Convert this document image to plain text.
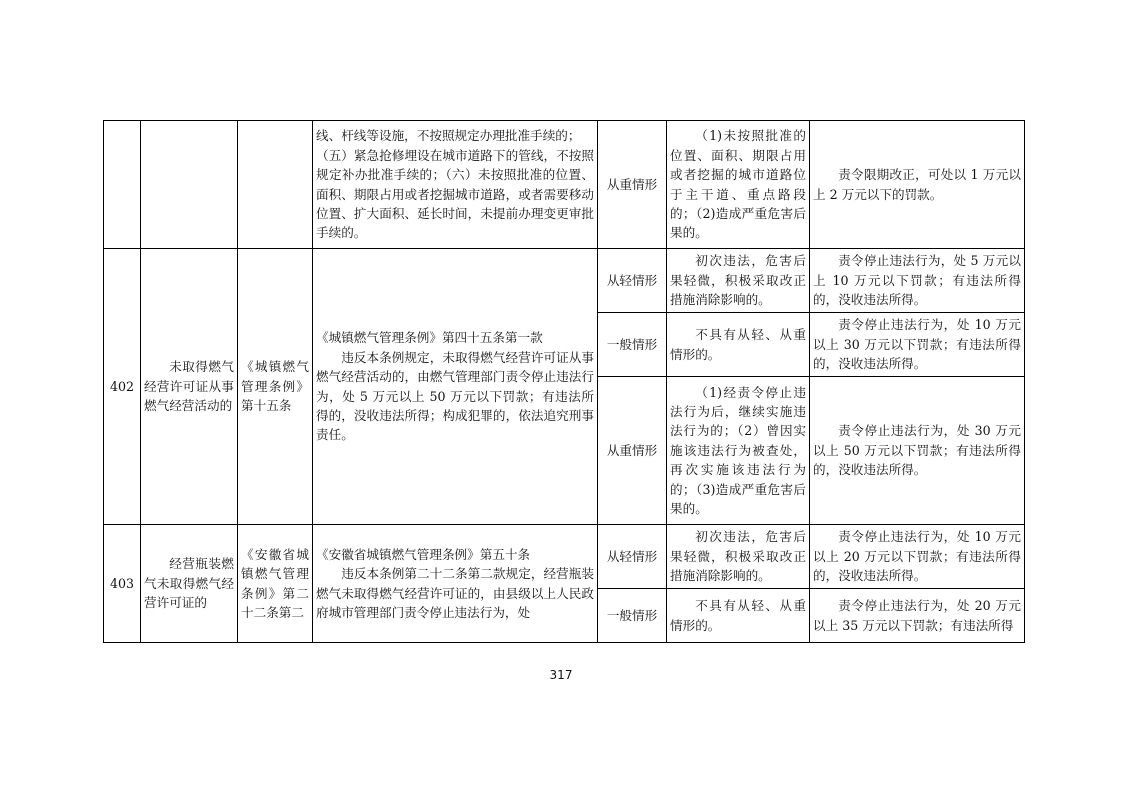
			线、杆线等设施，不按照规定办理批准手续的；

（五）紧急抢修埋设在城市道路下的管线，不按照规定补办批准手续的；（六）未按照批准的位置、面积、期限占用或者挖掘城市道路，或者需要移动位置、扩大面积、延长时间，未提前办理变更审批手续的。	从重情形	（1)未按照批准的位置、面积、期限占用或者挖掘的城市道路位于主干道、重点路段的；（2)造成严重危害后果的。	责令限期改正，可处以 1 万元以上 2 万元以下的罚款。
402	未取得燃气经营许可证从事燃气经营活动的	《城镇燃气管理条例》第十五条	《城镇燃气管理条例》第四十五条第一款

违反本条例规定，未取得燃气经营许可证从事燃气经营活动的，由燃气管理部门责令停止违法行为，处 5 万元以上 50 万元以下罚款；有违法所得的，没收违法所得；构成犯罪的，依法追究刑事责任。	从轻情形	初次违法，危害后果轻微，积极采取改正措施消除影响的。	责令停止违法行为，处 5 万元以上 10 万元以下罚款；有违法所得的，没收违法所得。
				一般情形	不具有从轻、从重情形的。	责令停止违法行为，处 10 万元以上 30 万元以下罚款；有违法所得的，没收违法所得。
				从重情形	（1)经责令停止违法行为后，继续实施违法行为的；（2）曾因实施该违法行为被查处，再次实施该违法行为的；（3)造成严重危害后果的。	责令停止违法行为，处 30 万元以上 50 万元以下罚款；有违法所得的，没收违法所得。
403	经营瓶装燃气未取得燃气经营许可证的	《安徽省城镇燃气管理条例》第二十二条第二	《安徽省城镇燃气管理条例》第五十条

违反本条例第二十二条第二款规定，经营瓶装燃气未取得燃气经营许可证的，由县级以上人民政府城市管理部门责令停止违法行为，处	从轻情形	初次违法，危害后果轻微，积极采取改正措施消除影响的。	责令停止违法行为，处 10 万元以上 20 万元以下罚款；有违法所得的，没收违法所得。
				一般情形	不具有从轻、从重情形的。	责令停止违法行为，处 20 万元以上 35 万元以下罚款；有违法所得
317
